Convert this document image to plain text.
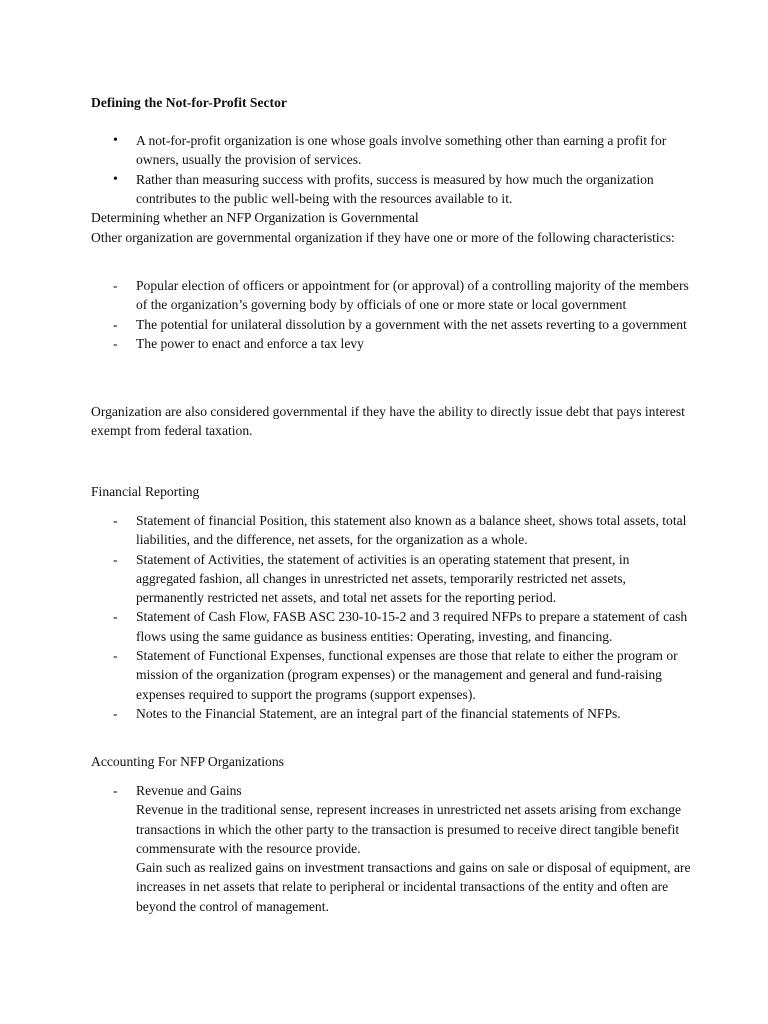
Defining the Not-for-Profit Sector
•	A not-for-profit organization is one whose goals involve something other than earning a profit for owners, usually the provision of services.
•	Rather than measuring success with profits, success is measured by how much the organization contributes to the public well-being with the resources available to it.
Determining whether an NFP Organization is Governmental
Other organization are governmental organization if they have one or more of the following characteristics:
-	Popular election of officers or appointment for (or approval) of a controlling majority of the members of the organization’s governing body by officials of one or more state or local government
-	The potential for unilateral dissolution by a government with the net assets reverting to a government
-	The power to enact and enforce a tax levy
Organization are also considered governmental if they have the ability to directly issue debt that pays interest exempt from federal taxation.
Financial Reporting
-	Statement of financial Position, this statement also known as a balance sheet, shows total assets, total liabilities, and the difference, net assets, for the organization as a whole.
-	Statement of Activities, the statement of activities is an operating statement that present, in aggregated fashion, all changes in unrestricted net assets, temporarily restricted net assets, permanently restricted net assets, and total net assets for the reporting period.
-	Statement of Cash Flow, FASB ASC 230-10-15-2 and 3 required NFPs to prepare a statement of cash flows using the same guidance as business entities: Operating, investing, and financing.
-	Statement of Functional Expenses, functional expenses are those that relate to either the program or mission of the organization (program expenses) or the management and general and fund-raising expenses required to support the programs (support expenses).
-	Notes to the Financial Statement, are an integral part of the financial statements of NFPs.
Accounting For NFP Organizations
-	Revenue and Gains
Revenue in the traditional sense, represent increases in unrestricted net assets arising from exchange transactions in which the other party to the transaction is presumed to receive direct tangible benefit commensurate with the resource provide.
Gain such as realized gains on investment transactions and gains on sale or disposal of equipment, are increases in net assets that relate to peripheral or incidental transactions of the entity and often are beyond the control of management.
